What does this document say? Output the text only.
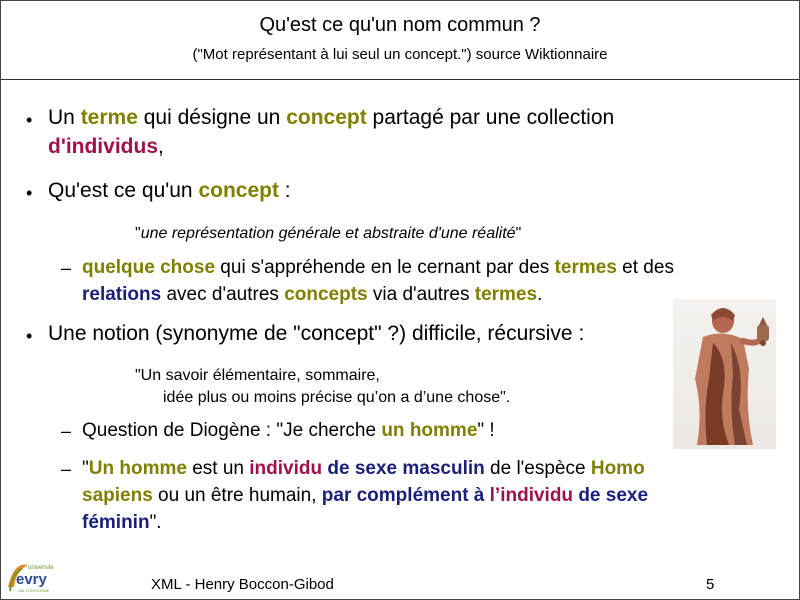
Qu'est ce qu'un nom commun ?
("Mot représentant à lui seul un concept.") source Wiktionnaire
• Un terme qui désigne un concept partagé par une collection
d'individus,
• Qu'est ce qu'un concept :
"une représentation générale et abstraite d'une réalité"
– quelque chose qui s'appréhende en le cernant par des termes et des
relations avec d'autres concepts via d'autres termes.
• Une notion (synonyme de "concept" ?) difficile, récursive :
"Un savoir élémentaire, sommaire,
idée plus ou moins précise qu’on a d’une chose".
– Question de Diogène : "Je cherche un homme" !
– "Un homme est un individu de sexe masculin de l'espèce Homo
sapiens ou un être humain, par complément à l’individu de sexe
féminin".
université
evry
VAL D'ESSONNE	XML - Henry Boccon-Gibod	5
